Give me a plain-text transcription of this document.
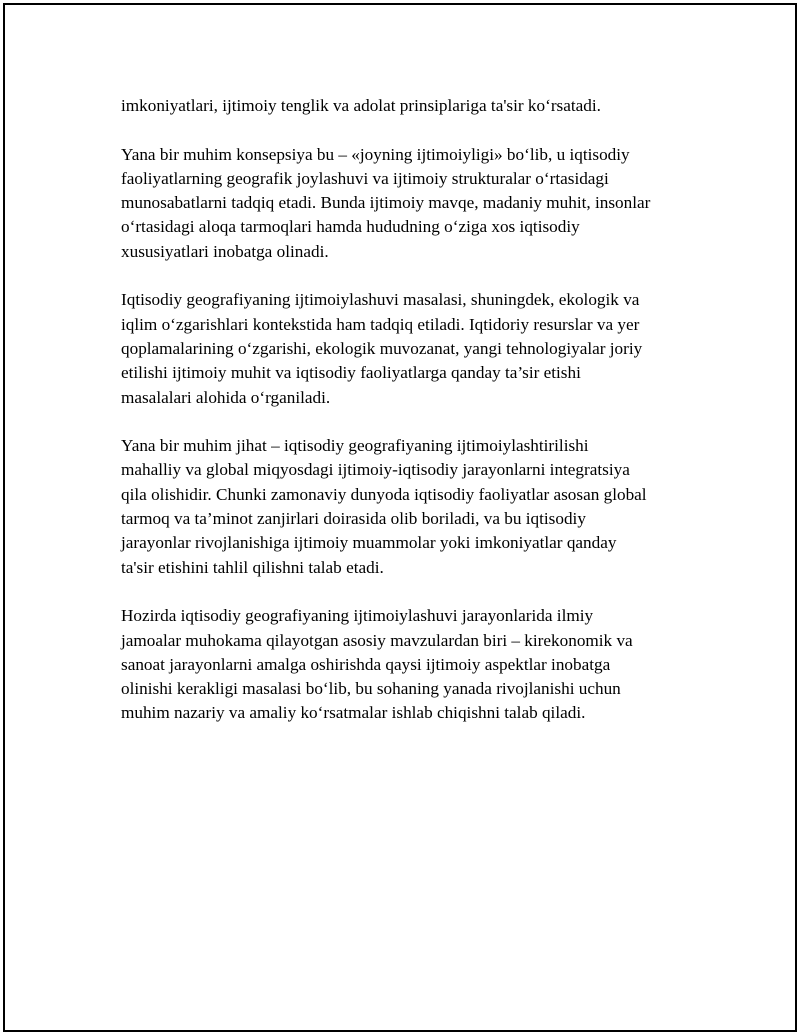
imkoniyatlari, ijtimoiy tenglik va adolat prinsiplariga ta'sir ko‘rsatadi.

Yana bir muhim konsepsiya bu – «joyning ijtimoiyligi» bo‘lib, u iqtisodiy
faoliyatlarning geografik joylashuvi va ijtimoiy strukturalar o‘rtasidagi
munosabatlarni tadqiq etadi. Bunda ijtimoiy mavqe, madaniy muhit, insonlar
o‘rtasidagi aloqa tarmoqlari hamda hududning o‘ziga xos iqtisodiy
xususiyatlari inobatga olinadi.

Iqtisodiy geografiyaning ijtimoiylashuvi masalasi, shuningdek, ekologik va
iqlim o‘zgarishlari kontekstida ham tadqiq etiladi. Iqtidoriy resurslar va yer
qoplamalarining o‘zgarishi, ekologik muvozanat, yangi tehnologiyalar joriy
etilishi ijtimoiy muhit va iqtisodiy faoliyatlarga qanday ta’sir etishi
masalalari alohida o‘rganiladi.

Yana bir muhim jihat – iqtisodiy geografiyaning ijtimoiylashtirilishi
mahalliy va global miqyosdagi ijtimoiy-iqtisodiy jarayonlarni integratsiya
qila olishidir. Chunki zamonaviy dunyoda iqtisodiy faoliyatlar asosan global
tarmoq va ta’minot zanjirlari doirasida olib boriladi, va bu iqtisodiy
jarayonlar rivojlanishiga ijtimoiy muammolar yoki imkoniyatlar qanday
ta'sir etishini tahlil qilishni talab etadi.

Hozirda iqtisodiy geografiyaning ijtimoiylashuvi jarayonlarida ilmiy
jamoalar muhokama qilayotgan asosiy mavzulardan biri – kirekonomik va
sanoat jarayonlarni amalga oshirishda qaysi ijtimoiy aspektlar inobatga
olinishi kerakligi masalasi bo‘lib, bu sohaning yanada rivojlanishi uchun
muhim nazariy va amaliy ko‘rsatmalar ishlab chiqishni talab qiladi.
